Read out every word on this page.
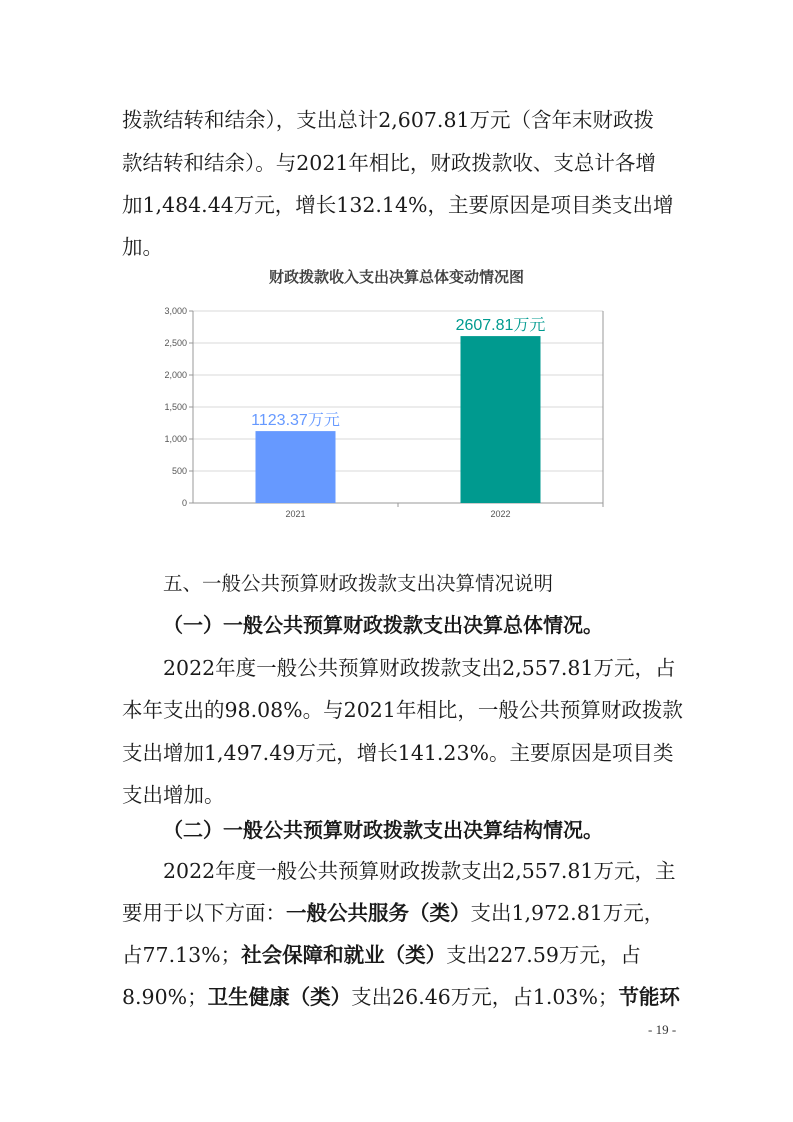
拨款结转和结余），支出总计2,607.81万元（含年末财政拨
款结转和结余）。与2021年相比，财政拨款收、支总计各增
加1,484.44万元，增长132.14%，主要原因是项目类支出增
加。
财政拨款收入支出决算总体变动情况图
0
500
1,000
1,500
2,000
2,500
3,000
1123.37万元
2021
2607.81万元
2022
五、一般公共预算财政拨款支出决算情况说明
（一）一般公共预算财政拨款支出决算总体情况。
2022年度一般公共预算财政拨款支出2,557.81万元，占
本年支出的98.08%。与2021年相比，一般公共预算财政拨款
支出增加1,497.49万元，增长141.23%。主要原因是项目类
支出增加。
（二）一般公共预算财政拨款支出决算结构情况。
2022年度一般公共预算财政拨款支出2,557.81万元，主
要用于以下方面：一般公共服务（类）支出1,972.81万元，
占77.13%；社会保障和就业（类）支出227.59万元，占
8.90%；卫生健康（类）支出26.46万元，占1.03%；节能环
- 19 -
